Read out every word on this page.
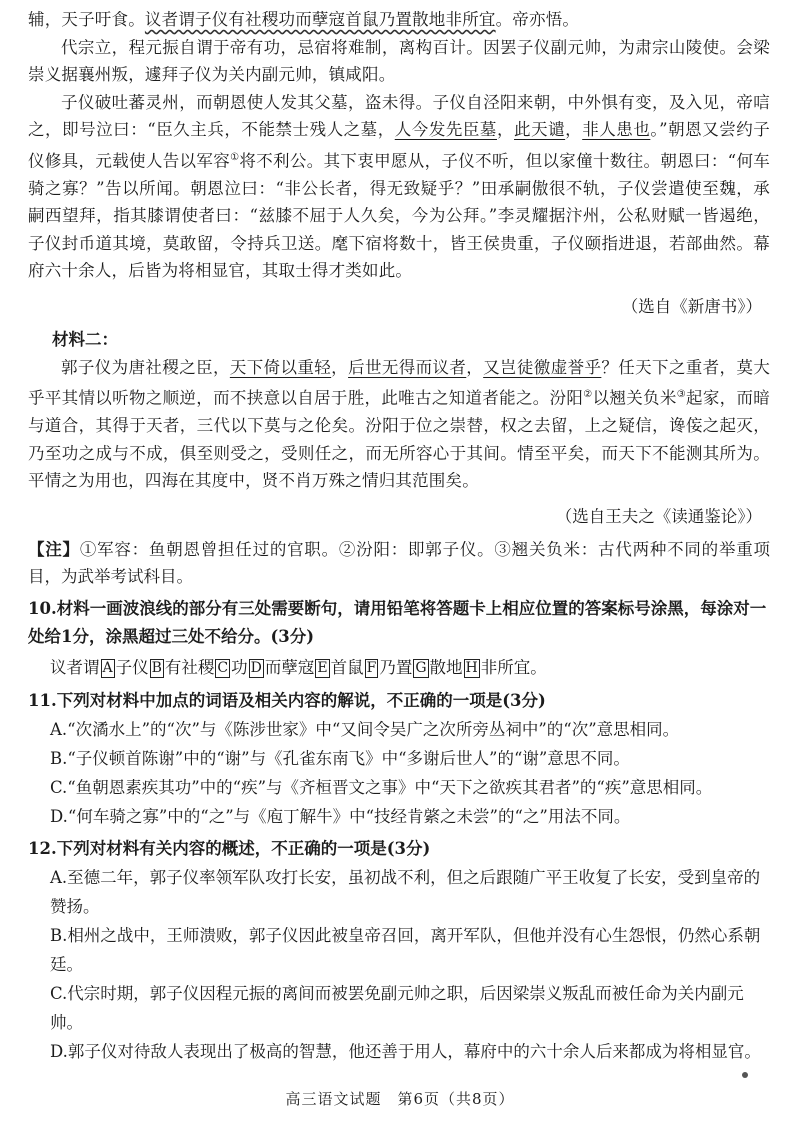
辅，天子吁食。议者谓子仪有社稷功而孽寇首鼠乃置散地非所宜。帝亦悟。

代宗立，程元振自谓于帝有功，忌宿将难制，离构百计。因罢子仪副元帅，为肃宗山陵使。会梁崇义据襄州叛，遽拜子仪为关内副元帅，镇咸阳。

子仪破吐蕃灵州，而朝恩使人发其父墓，盗未得。子仪自泾阳来朝，中外惧有变，及入见，帝唁之，即号泣曰：“臣久主兵，不能禁士残人之墓，人今发先臣墓，此天谴，非人患也。”朝恩又尝约子仪修具，元载使人告以军容①将不利公。其下衷甲愿从，子仪不听，但以家僮十数往。朝恩曰：“何车骑之寡？”告以所闻。朝恩泣曰：“非公长者，得无致疑乎？”田承嗣傲很不轨，子仪尝遣使至魏，承嗣西望拜，指其膝谓使者曰：“兹膝不屈于人久矣，今为公拜。”李灵耀据汴州，公私财赋一皆遏绝，子仪封币道其境，莫敢留，令持兵卫送。麾下宿将数十，皆王侯贵重，子仪颐指进退，若部曲然。幕府六十余人，后皆为将相显官，其取士得才类如此。

（选自《新唐书》）

材料二：

郭子仪为唐社稷之臣，天下倚以重轻，后世无得而议者，又岂徒徼虚誉乎？任天下之重者，莫大乎平其情以听物之顺逆，而不挟意以自居于胜，此唯古之知道者能之。汾阳②以翘关负米③起家，而暗与道合，其得于天者，三代以下莫与之伦矣。汾阳于位之崇替，权之去留，上之疑信，谗侫之起灭，乃至功之成与不成，俱至则受之，受则任之，而无所容心于其间。情至平矣，而天下不能测其所为。平情之为用也，四海在其度中，贤不肖万殊之情归其范围矣。

（选自王夫之《读通鉴论》）

【注】①军容：鱼朝恩曾担任过的官职。②汾阳：即郭子仪。③翘关负米：古代两种不同的举重项目，为武举考试科目。

10.材料一画波浪线的部分有三处需要断句，请用铅笔将答题卡上相应位置的答案标号涂黑，每涂对一处给1分，涂黑超过三处不给分。(3分)

议者谓 A 子仪 B 有社稷 C 功 D 而孽寇 E 首鼠 F 乃置 G 散地 H 非所宜。

11.下列对材料中加点的词语及相关内容的解说，不正确的一项是(3分)

A.“次潏水上”的“次”与《陈涉世家》中“又间令吴广之次所旁丛祠中”的“次”意思相同。

B.“子仪顿首陈谢”中的“谢”与《孔雀东南飞》中“多谢后世人”的“谢”意思不同。

C.“鱼朝恩素疾其功”中的“疾”与《齐桓晋文之事》中“天下之欲疾其君者”的“疾”意思相同。

D.“何车骑之寡”中的“之”与《庖丁解牛》中“技经肯綮之未尝”的“之”用法不同。

12.下列对材料有关内容的概述，不正确的一项是(3分)

A.至德二年，郭子仪率领军队攻打长安，虽初战不利，但之后跟随广平王收复了长安，受到皇帝的赞扬。

B.相州之战中，王师溃败，郭子仪因此被皇帝召回，离开军队，但他并没有心生怨恨，仍然心系朝廷。

C.代宗时期，郭子仪因程元振的离间而被罢免副元帅之职，后因梁崇义叛乱而被任命为关内副元帅。

D.郭子仪对待敌人表现出了极高的智慧，他还善于用人，幕府中的六十余人后来都成为将相显官。

高三语文试题　第6页（共8页）
